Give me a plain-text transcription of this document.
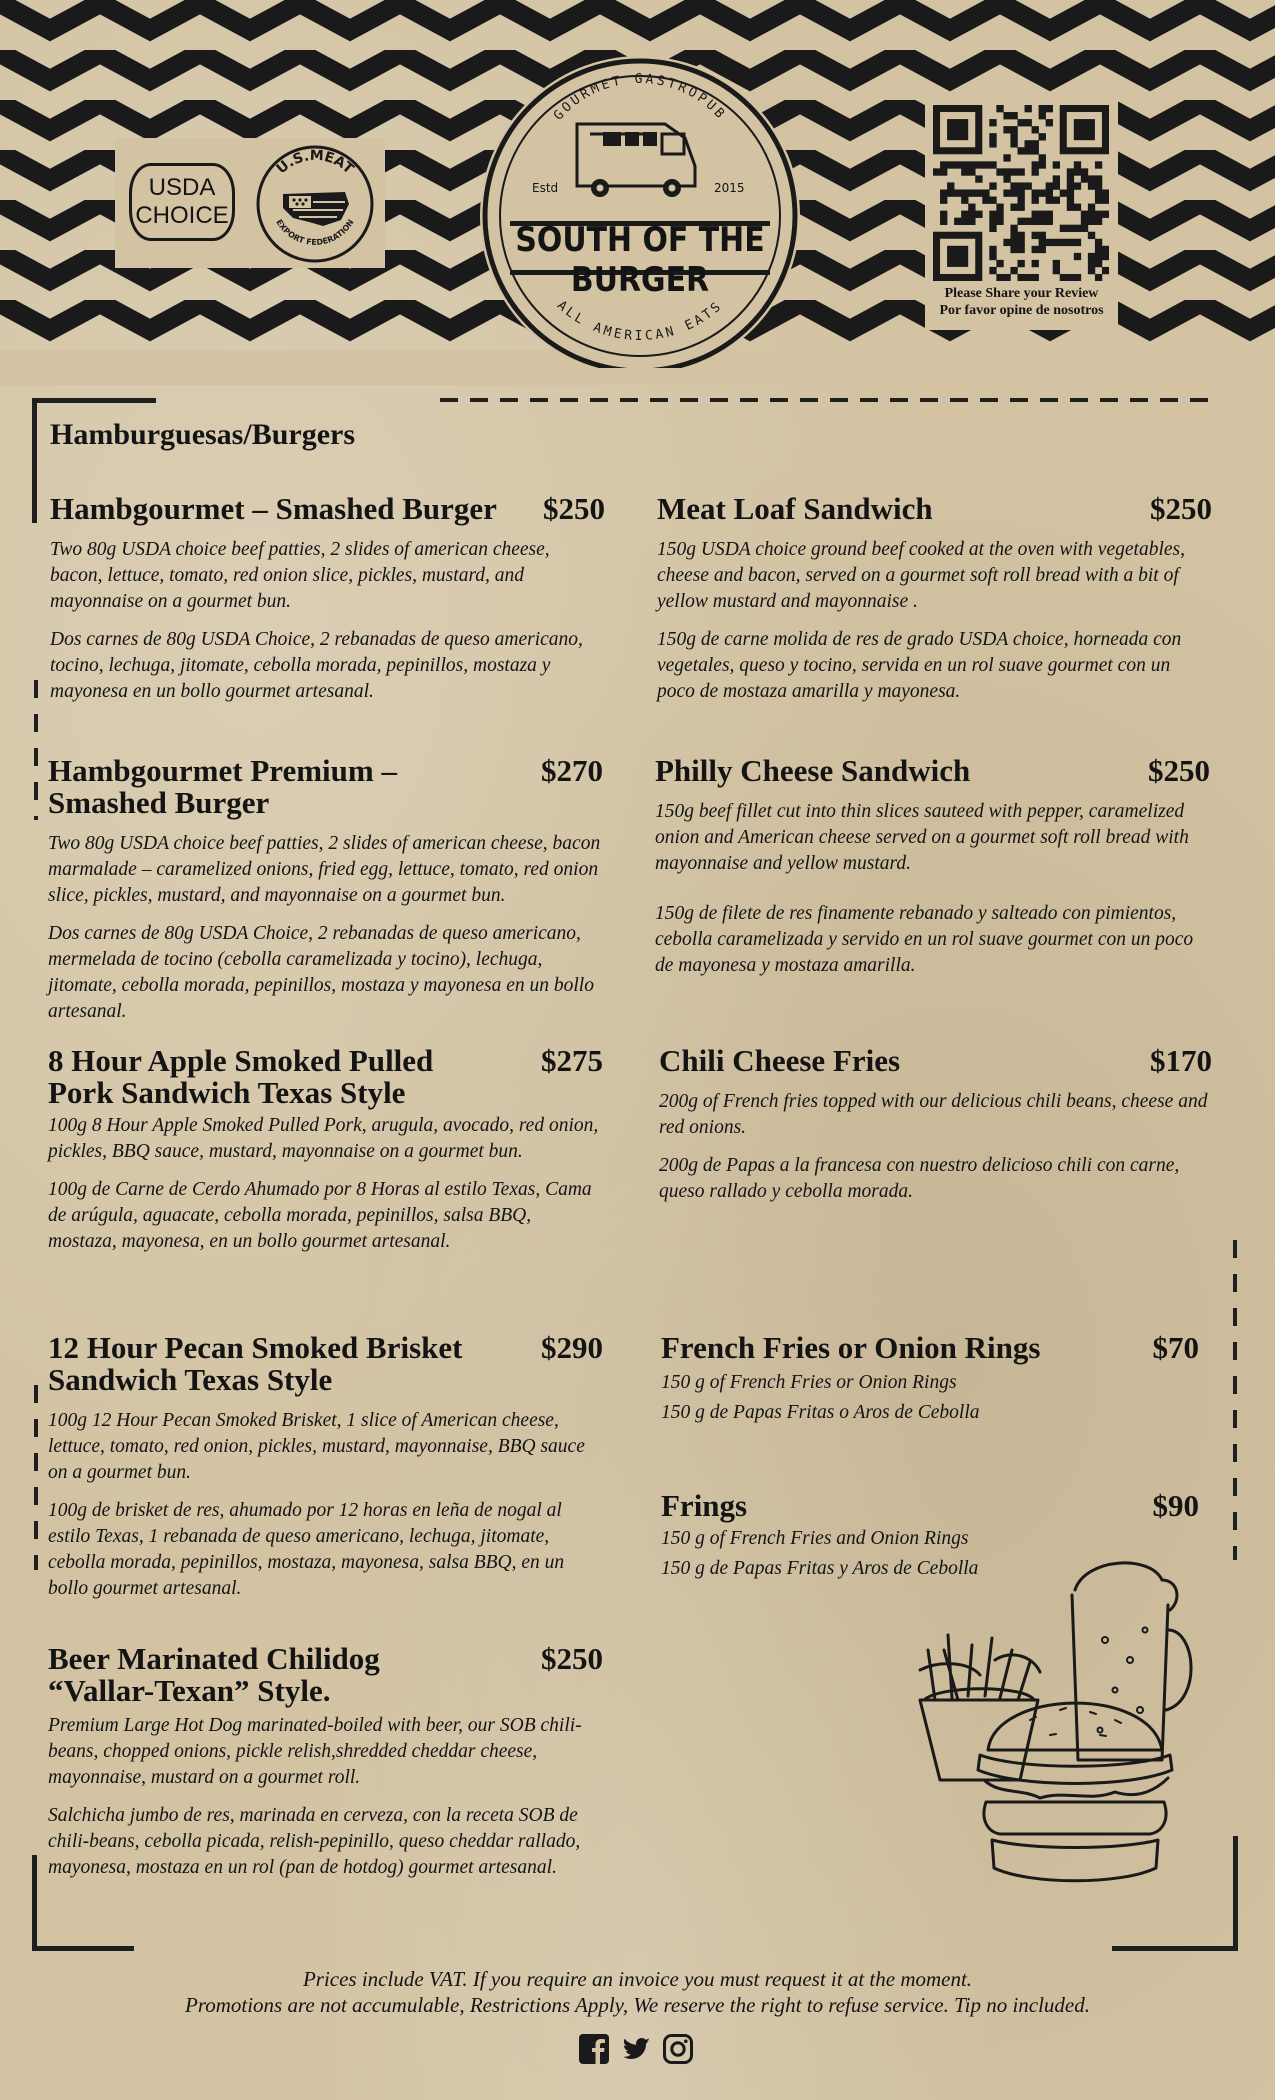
USDA
CHOICE
U.S.MEAT
EXPORT FEDERATION
GOURMET GASTROPUB
ALL AMERICAN EATS
Estd	2015
SOUTH OF THE BURGER	Please Share your Review
Por favor opine de nosotros
Hamburguesas/Burgers
Hambgourmet – Smashed Burger	$250
Two 80g USDA choice beef patties, 2 slides of american cheese, bacon, lettuce, tomato, red onion slice, pickles, mustard, and mayonnaise on a gourmet bun.
Dos carnes de 80g USDA Choice, 2 rebanadas de queso americano, tocino, lechuga, jitomate, cebolla morada, pepinillos, mostaza y mayonesa en un bollo gourmet artesanal.
Meat Loaf Sandwich	$250
150g USDA choice ground beef cooked at the oven with vegetables, cheese and bacon, served on a gourmet soft roll bread with a bit of yellow mustard and mayonnaise .
150g de carne molida de res de grado USDA choice, horneada con vegetales, queso y tocino, servida en un rol suave gourmet con un poco de mostaza amarilla y mayonesa.
Hambgourmet Premium –
Smashed Burger
$270
Two 80g USDA choice beef patties, 2 slides of american cheese, bacon marmalade – caramelized onions, fried egg, lettuce, tomato, red onion slice, pickles, mustard, and mayonnaise on a gourmet bun.
Dos carnes de 80g USDA Choice, 2 rebanadas de queso americano, mermelada de tocino (cebolla caramelizada y tocino), lechuga, jitomate, cebolla morada, pepinillos, mostaza y mayonesa en un bollo artesanal.
Philly Cheese Sandwich	$250
150g beef fillet cut into thin slices sauteed with pepper, caramelized onion and American cheese served on a gourmet soft roll bread with mayonnaise and yellow mustard.
150g de filete de res finamente rebanado y salteado con pimientos, cebolla caramelizada y servido en un rol suave gourmet con un poco de mayonesa y mostaza amarilla.
8 Hour Apple Smoked Pulled
Pork Sandwich Texas Style
$275
100g 8 Hour Apple Smoked Pulled Pork, arugula, avocado, red onion, pickles, BBQ sauce, mustard, mayonnaise on a gourmet bun.
100g de Carne de Cerdo Ahumado por 8 Horas al estilo Texas, Cama de arúgula, aguacate, cebolla morada, pepinillos, salsa BBQ, mostaza, mayonesa, en un bollo gourmet artesanal.
Chili Cheese Fries	$170
200g of French fries topped with our delicious chili beans, cheese and red onions.
200g de Papas a la francesa con nuestro delicioso chili con carne, queso rallado y cebolla morada.
12 Hour Pecan Smoked Brisket
Sandwich Texas Style
$290
100g 12 Hour Pecan Smoked Brisket, 1 slice of American cheese, lettuce, tomato, red onion, pickles, mustard, mayonnaise, BBQ sauce on a gourmet bun.
100g de brisket de res, ahumado por 12 horas en leña de nogal al estilo Texas, 1 rebanada de queso americano, lechuga, jitomate, cebolla morada, pepinillos, mostaza, mayonesa, salsa BBQ, en un bollo gourmet artesanal.
French Fries or Onion Rings	$70
150 g of French Fries or Onion Rings
150 g de Papas Fritas o Aros de Cebolla
Frings	$90
150 g of French Fries and Onion Rings
150 g de Papas Fritas y Aros de Cebolla
Beer Marinated Chilidog
“Vallar-Texan” Style.
$250
Premium Large Hot Dog marinated-boiled with beer, our SOB chili-beans, chopped onions, pickle relish,shredded cheddar cheese, mayonnaise, mustard on a gourmet roll.
Salchicha jumbo de res, marinada en cerveza, con la receta SOB de chili-beans, cebolla picada, relish-pepinillo, queso cheddar rallado, mayonesa, mostaza en un rol (pan de hotdog) gourmet artesanal.
Prices include VAT. If you require an invoice you must request it at the moment.
Promotions are not accumulable, Restrictions Apply, We reserve the right to refuse service. Tip no included.
